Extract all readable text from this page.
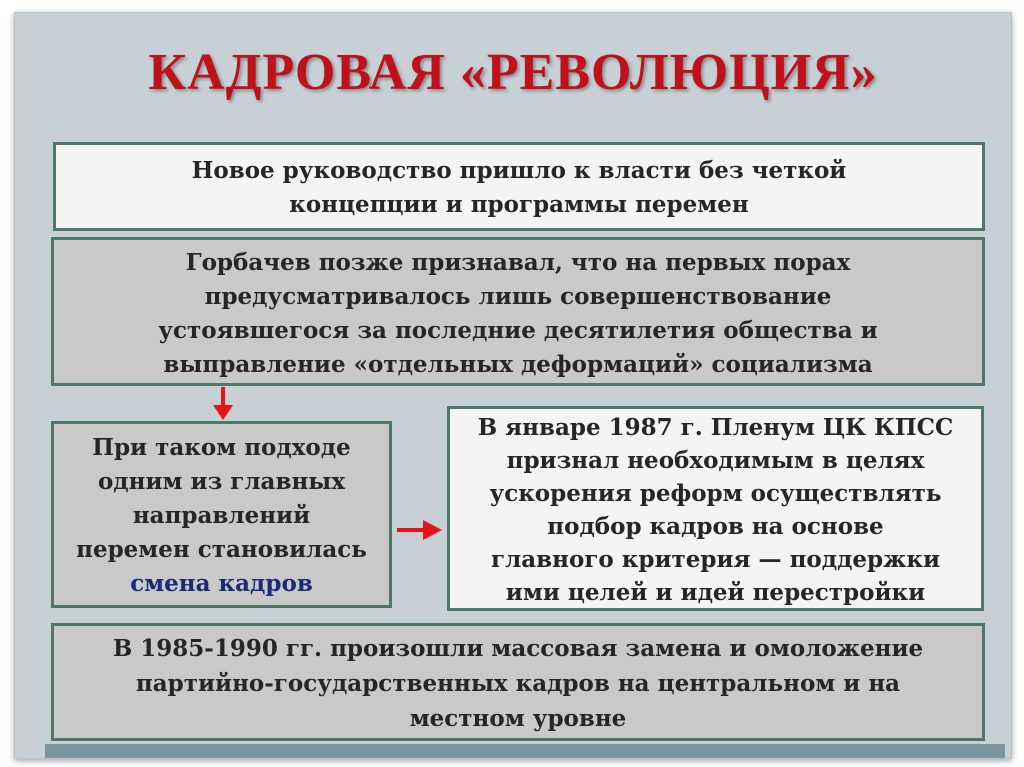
КАДРОВАЯ «РЕВОЛЮЦИЯ»
Новое руководство пришло к власти без четкой
концепции и программы перемен
Горбачев позже признавал, что на первых порах
предусматривалось лишь совершенствование
устоявшегося за последние десятилетия общества и
выправление «отдельных деформаций» социализма
При таком подходе
одним из главных
направлений
перемен становилась
смена кадров
В январе 1987 г. Пленум ЦК КПСС
признал необходимым в целях
ускорения реформ осуществлять
подбор кадров на основе
главного критерия — поддержки
ими целей и идей перестройки
В 1985-1990 гг. произошли массовая замена и омоложение
партийно-государственных кадров на центральном и на
местном уровне
